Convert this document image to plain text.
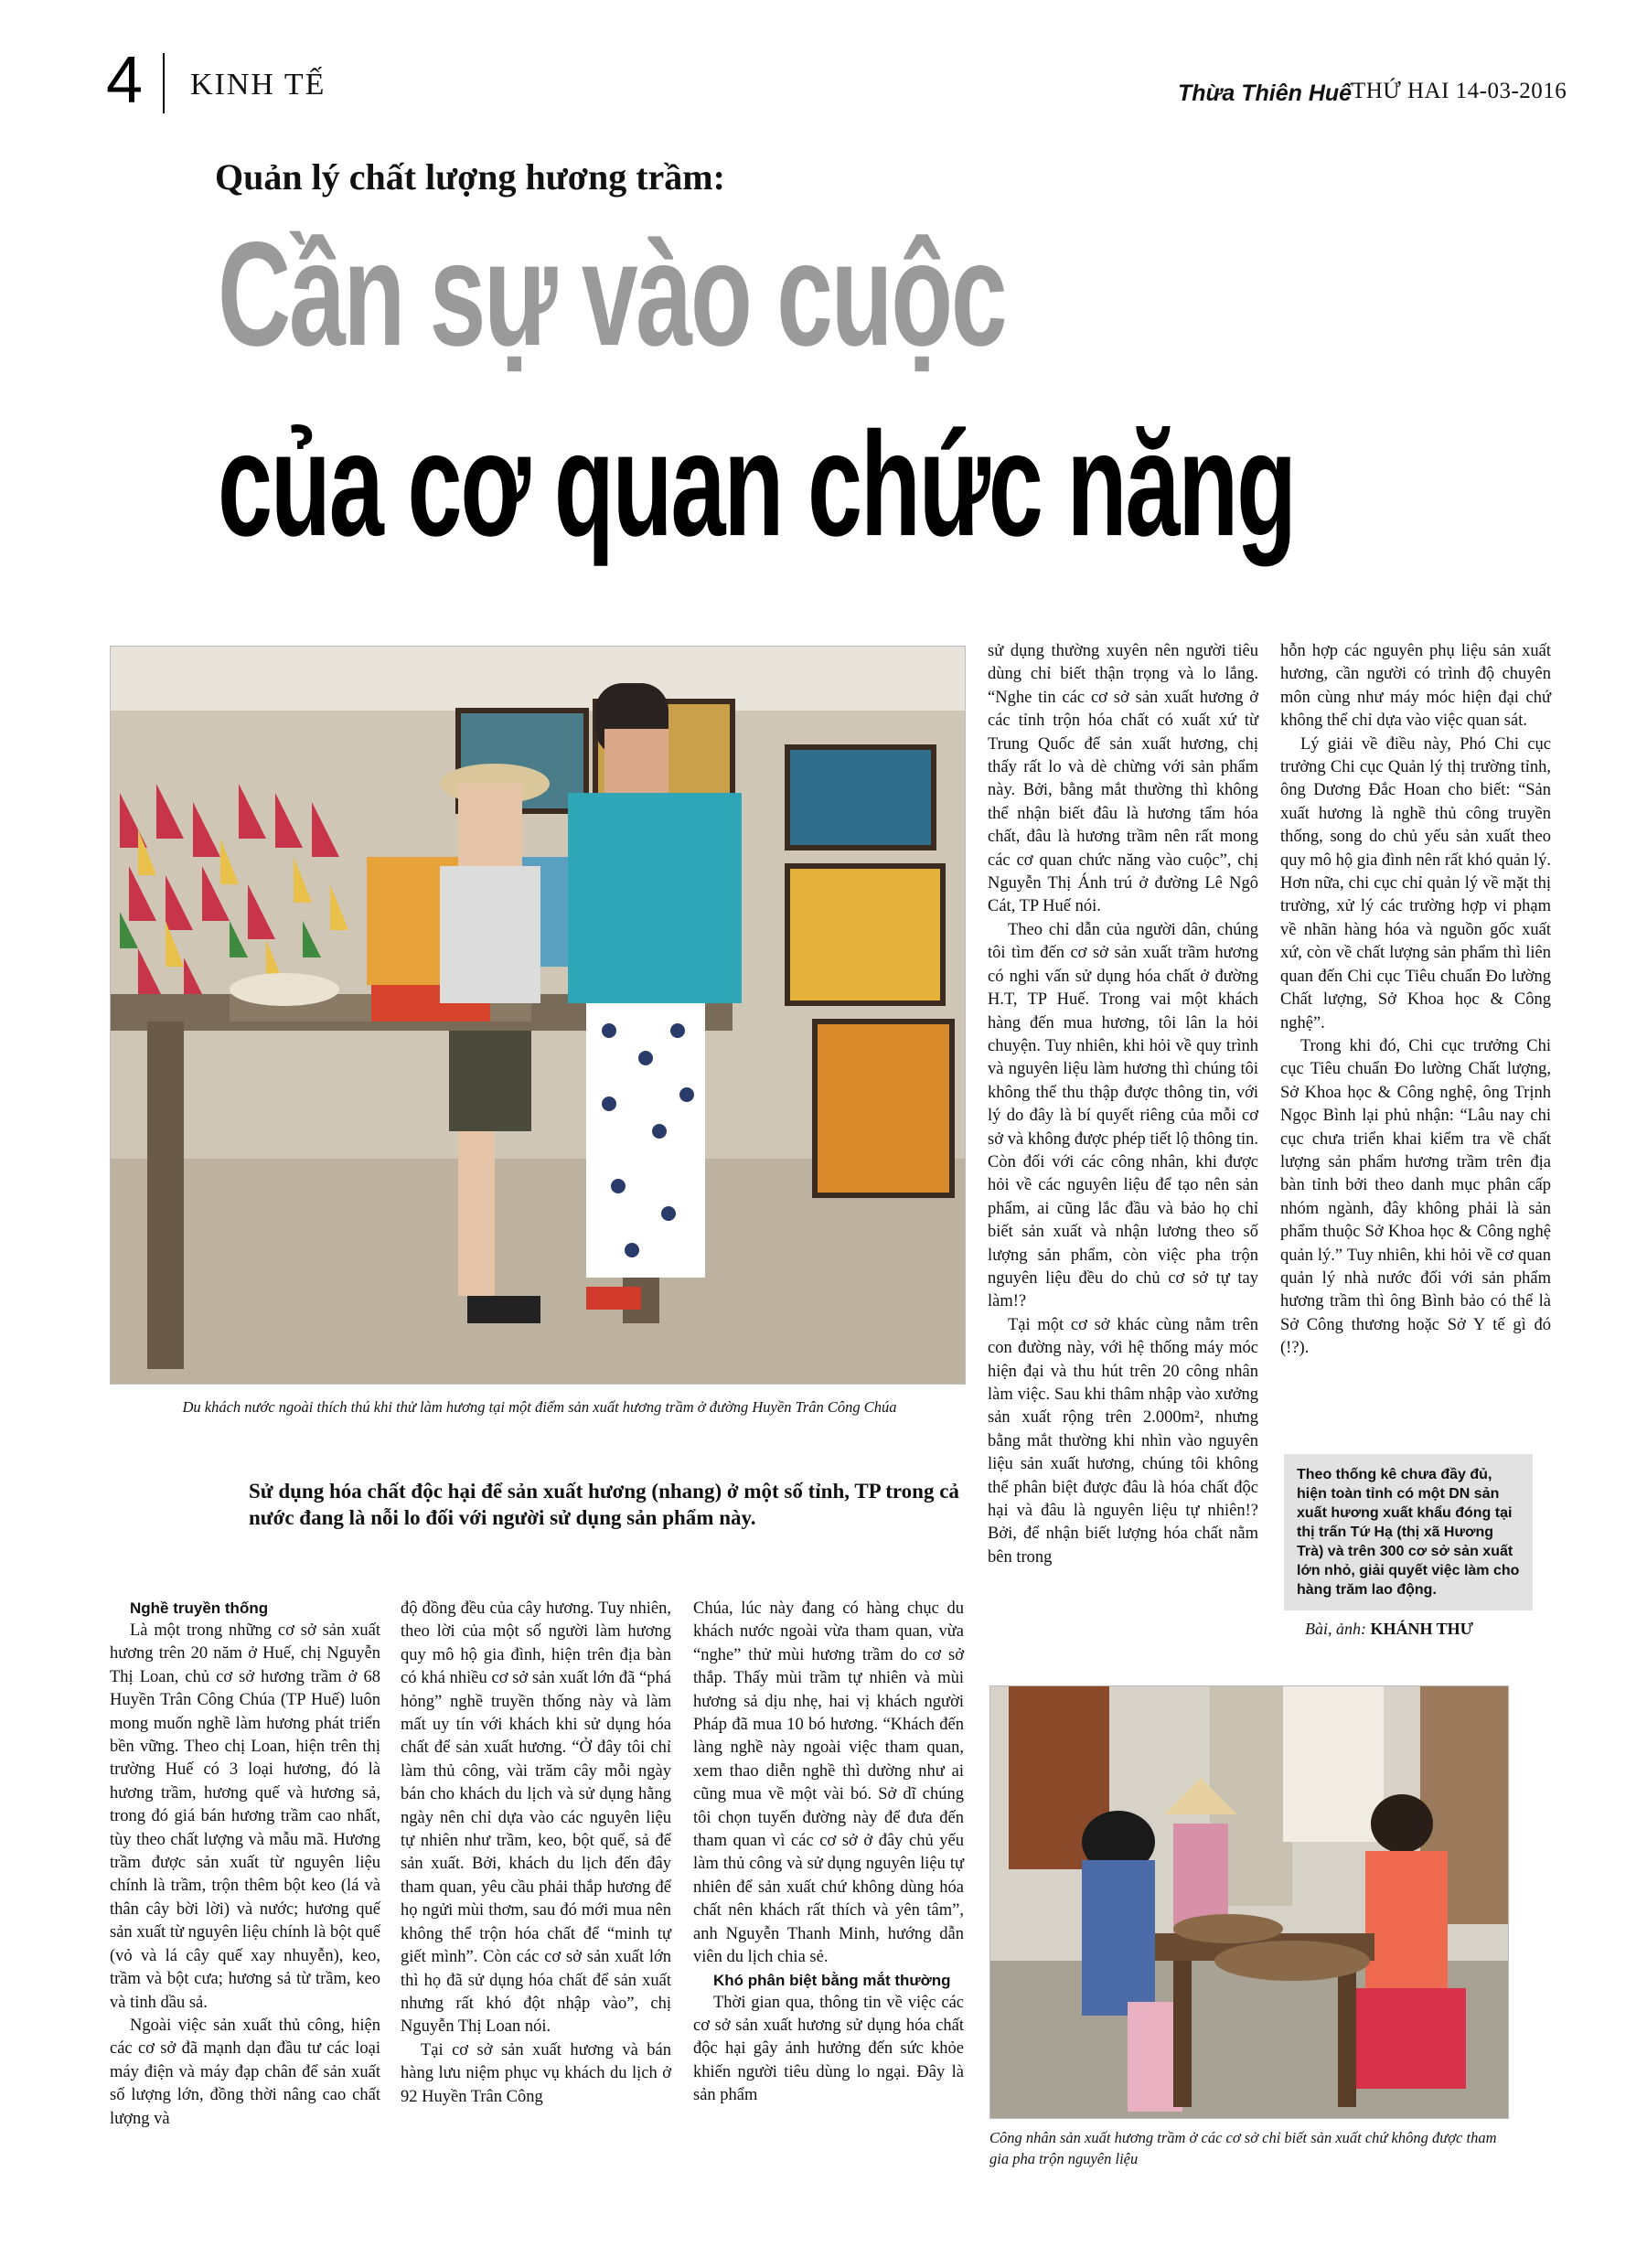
4 KINH TẾ	Thừa Thiên Huế THỨ HAI 14-03-2016
Quản lý chất lượng hương trầm:
Cần sự vào cuộc
của cơ quan chức năng
Du khách nước ngoài thích thú khi thử làm hương tại một điểm sản xuất hương trầm ở đường Huyền Trân Công Chúa
Sử dụng hóa chất độc hại để sản xuất hương (nhang) ở một số tỉnh, TP trong cả nước đang là nỗi lo đối với người sử dụng sản phẩm này.

Nghề truyền thống

Là một trong những cơ sở sản xuất hương trên 20 năm ở Huế, chị Nguyễn Thị Loan, chủ cơ sở hương trầm ở 68 Huyền Trân Công Chúa (TP Huế) luôn mong muốn nghề làm hương phát triển bền vững. Theo chị Loan, hiện trên thị trường Huế có 3 loại hương, đó là hương trầm, hương quế và hương sả, trong đó giá bán hương trầm cao nhất, tùy theo chất lượng và mẫu mã. Hương trầm được sản xuất từ nguyên liệu chính là trầm, trộn thêm bột keo (lá và thân cây bời lời) và nước; hương quế sản xuất từ nguyên liệu chính là bột quế (vỏ và lá cây quế xay nhuyễn), keo, trầm và bột cưa; hương sả từ trầm, keo và tinh dầu sả.

Ngoài việc sản xuất thủ công, hiện các cơ sở đã mạnh dạn đầu tư các loại máy điện và máy đạp chân để sản xuất số lượng lớn, đồng thời nâng cao chất lượng và

độ đồng đều của cây hương. Tuy nhiên, theo lời của một số người làm hương quy mô hộ gia đình, hiện trên địa bàn có khá nhiều cơ sở sản xuất lớn đã “phá hỏng” nghề truyền thống này và làm mất uy tín với khách khi sử dụng hóa chất để sản xuất hương. “Ở đây tôi chỉ làm thủ công, vài trăm cây mỗi ngày bán cho khách du lịch và sử dụng hằng ngày nên chỉ dựa vào các nguyên liệu tự nhiên như trầm, keo, bột quế, sả để sản xuất. Bởi, khách du lịch đến đây tham quan, yêu cầu phải thắp hương để họ ngửi mùi thơm, sau đó mới mua nên không thể trộn hóa chất để “minh tự giết mình”. Còn các cơ sở sản xuất lớn thì họ đã sử dụng hóa chất để sản xuất nhưng rất khó đột nhập vào”, chị Nguyễn Thị Loan nói.

Tại cơ sở sản xuất hương và bán hàng lưu niệm phục vụ khách du lịch ở 92 Huyền Trân Công

Chúa, lúc này đang có hàng chục du khách nước ngoài vừa tham quan, vừa “nghe” thử mùi hương trầm do cơ sở thắp. Thấy mùi trầm tự nhiên và mùi hương sả dịu nhẹ, hai vị khách người Pháp đã mua 10 bó hương. “Khách đến làng nghề này ngoài việc tham quan, xem thao diễn nghề thì dường như ai cũng mua về một vài bó. Sở dĩ chúng tôi chọn tuyến đường này để đưa đến tham quan vì các cơ sở ở đây chủ yếu làm thủ công và sử dụng nguyên liệu tự nhiên để sản xuất chứ không dùng hóa chất nên khách rất thích và yên tâm”, anh Nguyễn Thanh Minh, hướng dẫn viên du lịch chia sẻ.

Khó phân biệt bằng mắt thường

Thời gian qua, thông tin về việc các cơ sở sản xuất hương sử dụng hóa chất độc hại gây ảnh hưởng đến sức khỏe khiến người tiêu dùng lo ngại. Đây là sản phẩm

sử dụng thường xuyên nên người tiêu dùng chỉ biết thận trọng và lo lắng. “Nghe tin các cơ sở sản xuất hương ở các tỉnh trộn hóa chất có xuất xứ từ Trung Quốc để sản xuất hương, chị thấy rất lo và dè chừng với sản phẩm này. Bởi, bằng mắt thường thì không thể nhận biết đâu là hương tẩm hóa chất, đâu là hương trầm nên rất mong các cơ quan chức năng vào cuộc”, chị Nguyễn Thị Ánh trú ở đường Lê Ngô Cát, TP Huế nói.

Theo chỉ dẫn của người dân, chúng tôi tìm đến cơ sở sản xuất trầm hương có nghi vấn sử dụng hóa chất ở đường H.T, TP Huế. Trong vai một khách hàng đến mua hương, tôi lân la hỏi chuyện. Tuy nhiên, khi hỏi về quy trình và nguyên liệu làm hương thì chúng tôi không thể thu thập được thông tin, với lý do đây là bí quyết riêng của mỗi cơ sở và không được phép tiết lộ thông tin. Còn đối với các công nhân, khi được hỏi về các nguyên liệu để tạo nên sản phẩm, ai cũng lắc đầu và bảo họ chỉ biết sản xuất và nhận lương theo số lượng sản phẩm, còn việc pha trộn nguyên liệu đều do chủ cơ sở tự tay làm!?

Tại một cơ sở khác cùng nằm trên con đường này, với hệ thống máy móc hiện đại và thu hút trên 20 công nhân làm việc. Sau khi thâm nhập vào xưởng sản xuất rộng trên 2.000m², nhưng bằng mắt thường khi nhìn vào nguyên liệu sản xuất hương, chúng tôi không thể phân biệt được đâu là hóa chất độc hại và đâu là nguyên liệu tự nhiên!? Bởi, để nhận biết lượng hóa chất nằm bên trong

hỗn hợp các nguyên phụ liệu sản xuất hương, cần người có trình độ chuyên môn cùng như máy móc hiện đại chứ không thể chỉ dựa vào việc quan sát.

Lý giải về điều này, Phó Chi cục trưởng Chi cục Quản lý thị trường tỉnh, ông Dương Đắc Hoan cho biết: “Sản xuất hương là nghề thủ công truyền thống, song do chủ yếu sản xuất theo quy mô hộ gia đình nên rất khó quản lý. Hơn nữa, chi cục chỉ quản lý về mặt thị trường, xử lý các trường hợp vi phạm về nhãn hàng hóa và nguồn gốc xuất xứ, còn về chất lượng sản phẩm thì liên quan đến Chi cục Tiêu chuẩn Đo lường Chất lượng, Sở Khoa học & Công nghệ”.

Trong khi đó, Chi cục trưởng Chi cục Tiêu chuẩn Đo lường Chất lượng, Sở Khoa học & Công nghệ, ông Trịnh Ngọc Bình lại phủ nhận: “Lâu nay chi cục chưa triển khai kiểm tra về chất lượng sản phẩm hương trầm trên địa bàn tỉnh bởi theo danh mục phân cấp nhóm ngành, đây không phải là sản phẩm thuộc Sở Khoa học & Công nghệ quản lý.” Tuy nhiên, khi hỏi về cơ quan quản lý nhà nước đối với sản phẩm hương trầm thì ông Bình bảo có thể là Sở Công thương hoặc Sở Y tế gì đó (!?).

Theo thống kê chưa đầy đủ, hiện toàn tỉnh có một DN sản xuất hương xuất khẩu đóng tại thị trấn Tứ Hạ (thị xã Hương Trà) và trên 300 cơ sở sản xuất lớn nhỏ, giải quyết việc làm cho hàng trăm lao động.
Bài, ảnh: KHÁNH THƯ
Công nhân sản xuất hương trầm ở các cơ sở chỉ biết sản xuất chứ không được tham gia pha trộn nguyên liệu
